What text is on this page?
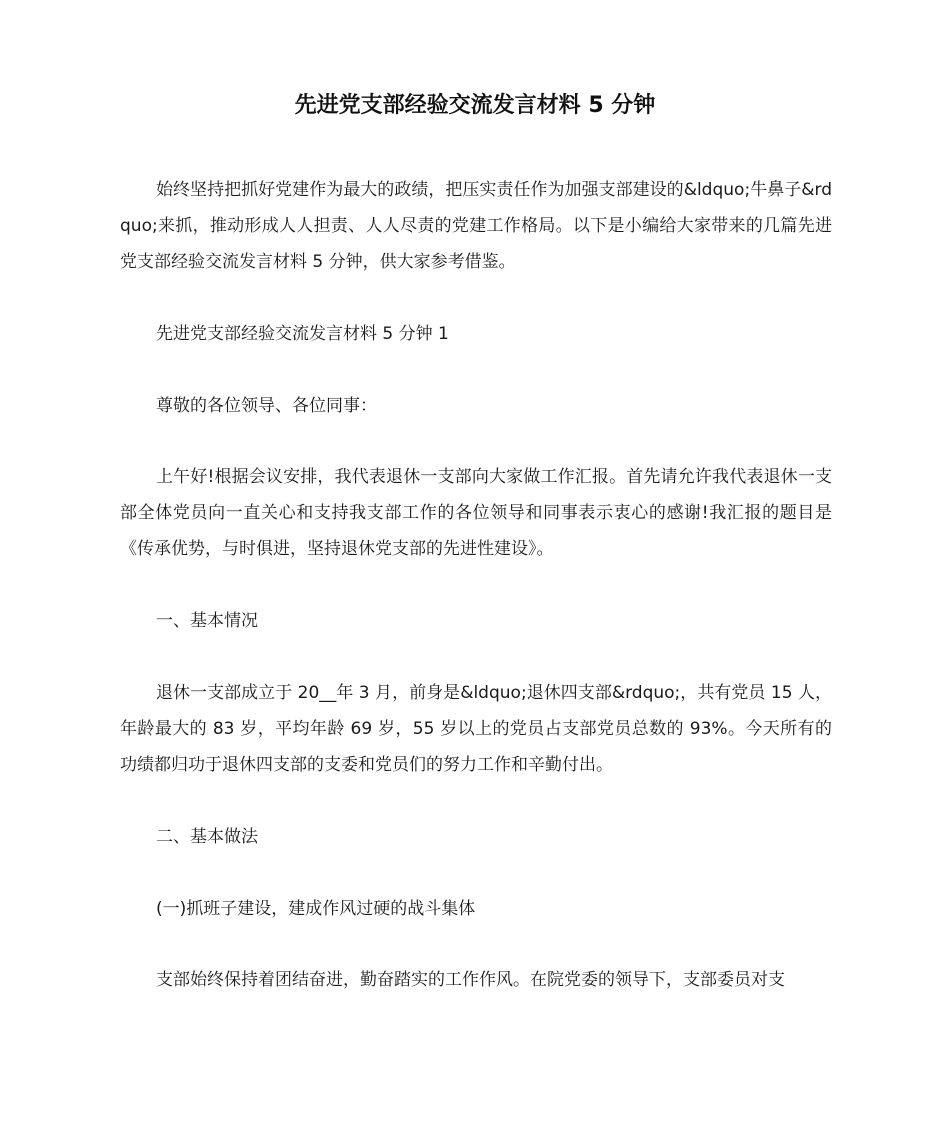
先进党支部经验交流发言材料 5 分钟

始终坚持把抓好党建作为最大的政绩，把压实责任作为加强支部建设的&ldquo;牛鼻子&rdquo;来抓，推动形成人人担责、人人尽责的党建工作格局。以下是小编给大家带来的几篇先进党支部经验交流发言材料 5 分钟，供大家参考借鉴。

先进党支部经验交流发言材料 5 分钟 1

尊敬的各位领导、各位同事：

上午好!根据会议安排，我代表退休一支部向大家做工作汇报。首先请允许我代表退休一支部全体党员向一直关心和支持我支部工作的各位领导和同事表示衷心的感谢!我汇报的题目是《传承优势，与时俱进，坚持退休党支部的先进性建设》。

一、基本情况

退休一支部成立于 20__年 3 月，前身是&ldquo;退休四支部&rdquo;，共有党员 15 人，年龄最大的 83 岁，平均年龄 69 岁，55 岁以上的党员占支部党员总数的 93%。今天所有的功绩都归功于退休四支部的支委和党员们的努力工作和辛勤付出。

二、基本做法

(一)抓班子建设，建成作风过硬的战斗集体

支部始终保持着团结奋进，勤奋踏实的工作作风。在院党委的领导下，支部委员对支
